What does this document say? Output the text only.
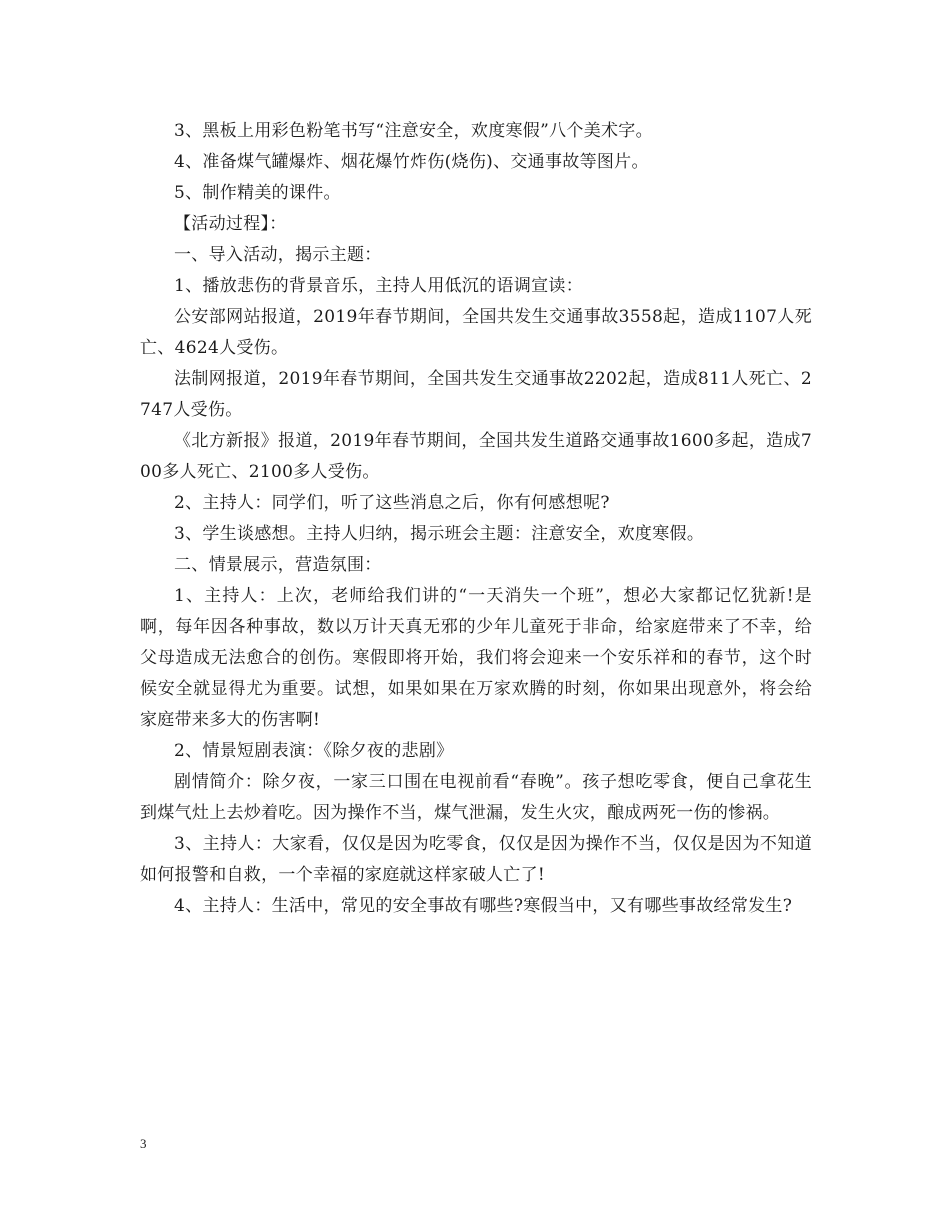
3、黑板上用彩色粉笔书写“注意安全，欢度寒假”八个美术字。

4、准备煤气罐爆炸、烟花爆竹炸伤(烧伤)、交通事故等图片。

5、制作精美的课件。

【活动过程】：

一、导入活动，揭示主题：

1、播放悲伤的背景音乐，主持人用低沉的语调宣读：

公安部网站报道，2019年春节期间，全国共发生交通事故3558起，造成1107人死亡、4624人受伤。

法制网报道，2019年春节期间，全国共发生交通事故2202起，造成811人死亡、2747人受伤。

《北方新报》报道，2019年春节期间，全国共发生道路交通事故1600多起，造成700多人死亡、2100多人受伤。

2、主持人：同学们，听了这些消息之后，你有何感想呢?

3、学生谈感想。主持人归纳，揭示班会主题：注意安全，欢度寒假。

二、情景展示，营造氛围：

1、主持人：上次，老师给我们讲的“一天消失一个班”，想必大家都记忆犹新!是啊，每年因各种事故，数以万计天真无邪的少年儿童死于非命，给家庭带来了不幸，给父母造成无法愈合的创伤。寒假即将开始，我们将会迎来一个安乐祥和的春节，这个时候安全就显得尤为重要。试想，如果如果在万家欢腾的时刻，你如果出现意外，将会给家庭带来多大的伤害啊!

2、情景短剧表演：《除夕夜的悲剧》

剧情简介：除夕夜，一家三口围在电视前看“春晚”。孩子想吃零食，便自己拿花生到煤气灶上去炒着吃。因为操作不当，煤气泄漏，发生火灾，酿成两死一伤的惨祸。

3、主持人：大家看，仅仅是因为吃零食，仅仅是因为操作不当，仅仅是因为不知道如何报警和自救，一个幸福的家庭就这样家破人亡了!

4、主持人：生活中，常见的安全事故有哪些?寒假当中，又有哪些事故经常发生?

3
